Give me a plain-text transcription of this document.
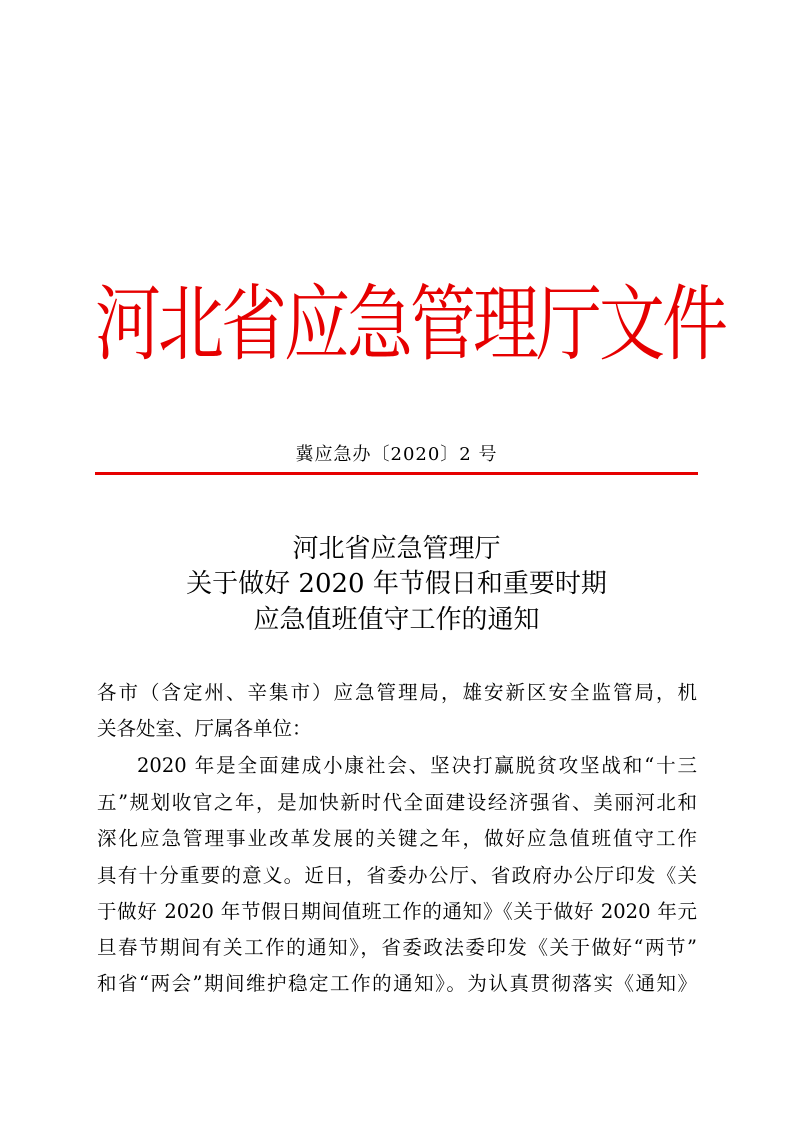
河北省应急管理厅文件
冀应急办〔2020〕2 号
河北省应急管理厅
关于做好 2020 年节假日和重要时期
应急值班值守工作的通知
各市（含定州、辛集市）应急管理局，雄安新区安全监管局，机
关各处室、厅属各单位：
2020 年是全面建成小康社会、坚决打赢脱贫攻坚战和“十三
五”规划收官之年，是加快新时代全面建设经济强省、美丽河北和
深化应急管理事业改革发展的关键之年，做好应急值班值守工作
具有十分重要的意义。近日，省委办公厅、省政府办公厅印发《关
于做好 2020 年节假日期间值班工作的通知》《关于做好 2020 年元
旦春节期间有关工作的通知》，省委政法委印发《关于做好“两节”
和省“两会”期间维护稳定工作的通知》。为认真贯彻落实《通知》
